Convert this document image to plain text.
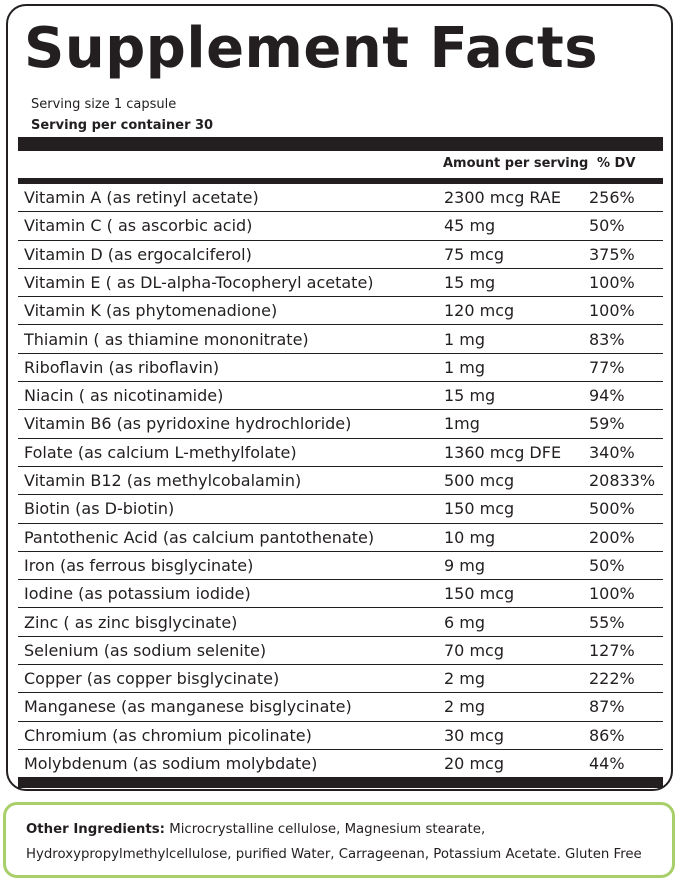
Supplement Facts
Serving size 1 capsule
Serving per container 30
Amount per serving % DV
Vitamin A (as retinyl acetate)	2300 mcg RAE 256%
Vitamin C ( as ascorbic acid)	45 mg	50%
Vitamin D (as ergocalciferol)	75 mcg	375%
Vitamin E ( as DL-alpha-Tocopheryl acetate)	15 mg	100%
Vitamin K (as phytomenadione)	120 mcg	100%
Thiamin ( as thiamine mononitrate)	1 mg	83%
Riboflavin (as riboflavin)	1 mg	77%
Niacin ( as nicotinamide)	15 mg	94%
Vitamin B6 (as pyridoxine hydrochloride)	1mg	59%
Folate (as calcium L-methylfolate)	1360 mcg DFE 340%
Vitamin B12 (as methylcobalamin)	500 mcg	20833%
Biotin (as D-biotin)	150 mcg	500%
Pantothenic Acid (as calcium pantothenate)	10 mg	200%
Iron (as ferrous bisglycinate)	9 mg	50%
Iodine (as potassium iodide)	150 mcg	100%
Zinc ( as zinc bisglycinate)	6 mg	55%
Selenium (as sodium selenite)	70 mcg	127%
Copper (as copper bisglycinate)	2 mg	222%
Manganese (as manganese bisglycinate)	2 mg	87%
Chromium (as chromium picolinate)	30 mcg	86%
Molybdenum (as sodium molybdate)	20 mcg	44%
Other Ingredients: Microcrystalline cellulose, Magnesium stearate, Hydroxypropylmethylcellulose, purified Water, Carrageenan, Potassium Acetate. Gluten Free
